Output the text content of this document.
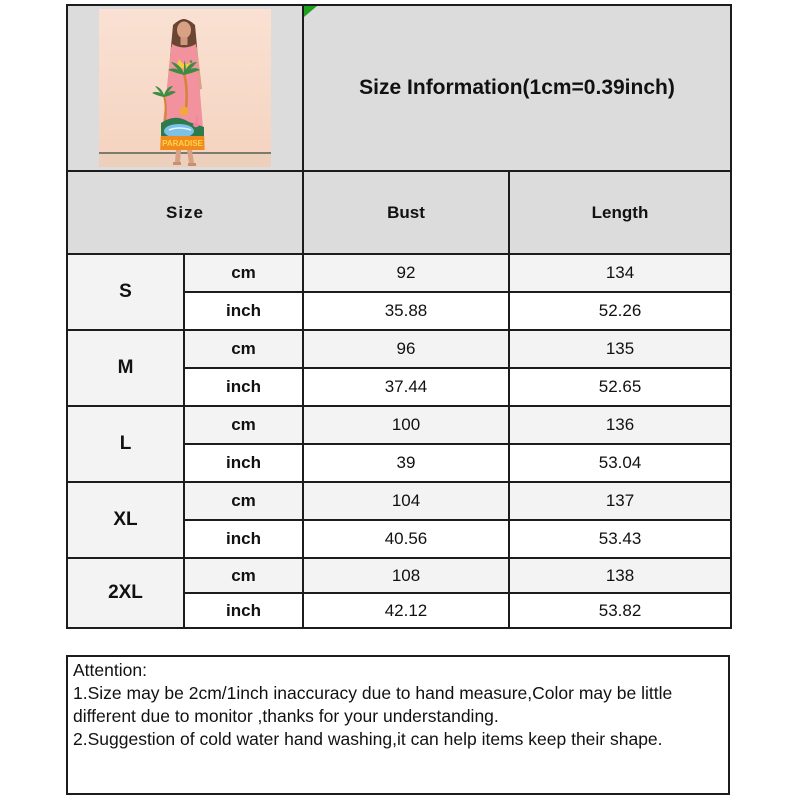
PARADISE		Size Information(1cm=0.39inch)	
Size		Bust	Length
S	cm	92	134
	inch	35.88	52.26
M	cm	96	135
	inch	37.44	52.65
L	cm	100	136
	inch	39	53.04
XL	cm	104	137
	inch	40.56	53.43
2XL	cm	108	138
	inch	42.12	53.82
Attention:
1.Size may be 2cm/1inch inaccuracy due to hand measure,Color may be little different due to monitor ,thanks for your understanding.
2.Suggestion of cold water hand washing,it can help items keep their shape.
